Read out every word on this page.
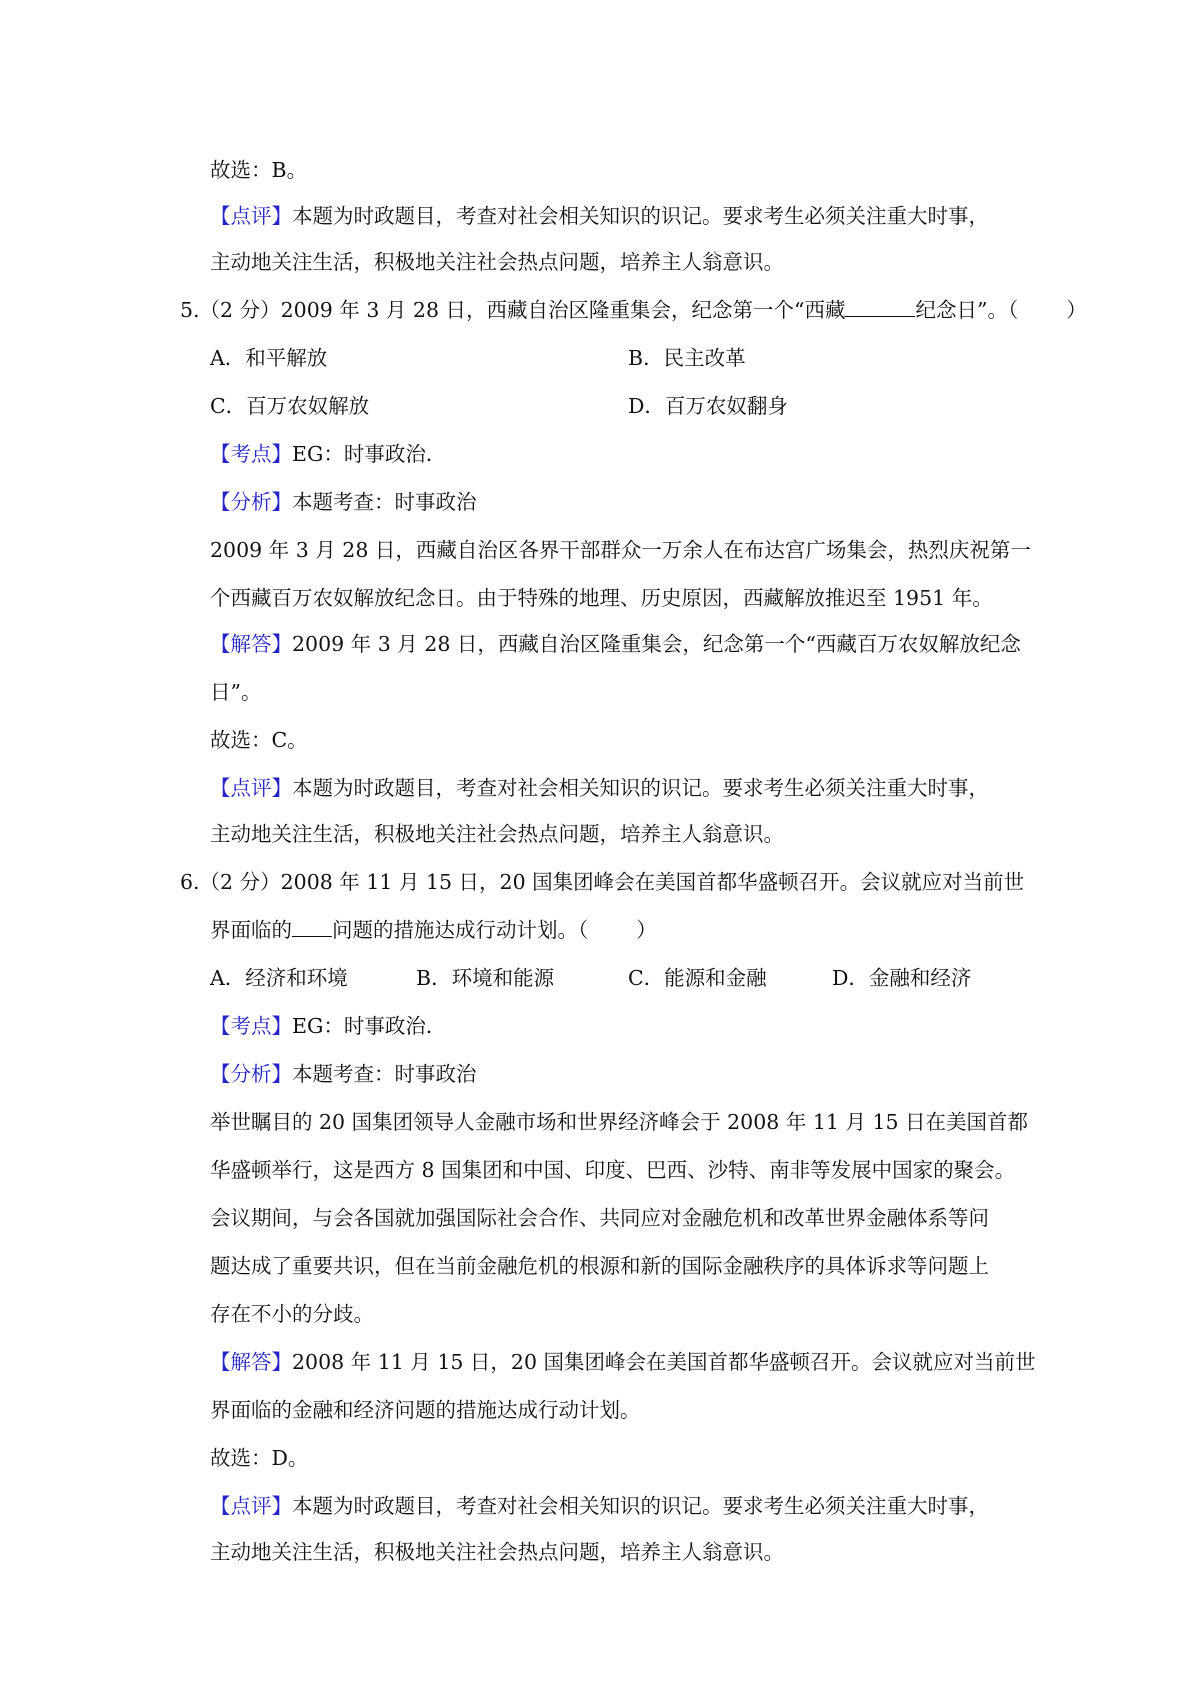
故选：B。
【点评】本题为时政题目，考查对社会相关知识的识记。要求考生必须关注重大时事，
主动地关注生活，积极地关注社会热点问题，培养主人翁意识。
5.（2 分）2009 年 3 月 28 日，西藏自治区隆重集会，纪念第一个“西藏	纪念日”。（ ）
A．和平解放	B．民主改革
C．百万农奴解放	D．百万农奴翻身
【考点】EG：时事政治．
【分析】本题考查：时事政治
2009 年 3 月 28 日，西藏自治区各界干部群众一万余人在布达宫广场集会，热烈庆祝第一
个西藏百万农奴解放纪念日。由于特殊的地理、历史原因，西藏解放推迟至 1951 年。
【解答】2009 年 3 月 28 日，西藏自治区隆重集会，纪念第一个“西藏百万农奴解放纪念
日”。
故选：C。
【点评】本题为时政题目，考查对社会相关知识的识记。要求考生必须关注重大时事，
主动地关注生活，积极地关注社会热点问题，培养主人翁意识。
6.（2 分）2008 年 11 月 15 日，20 国集团峰会在美国首都华盛顿召开。会议就应对当前世
界面临的 问题的措施达成行动计划。（ ）
A．经济和环境	B．环境和能源	C．能源和金融	D．金融和经济
【考点】EG：时事政治．
【分析】本题考查：时事政治
举世瞩目的 20 国集团领导人金融市场和世界经济峰会于 2008 年 11 月 15 日在美国首都
华盛顿举行，这是西方 8 国集团和中国、印度、巴西、沙特、南非等发展中国家的聚会。
会议期间，与会各国就加强国际社会合作、共同应对金融危机和改革世界金融体系等问
题达成了重要共识，但在当前金融危机的根源和新的国际金融秩序的具体诉求等问题上
存在不小的分歧。
【解答】2008 年 11 月 15 日，20 国集团峰会在美国首都华盛顿召开。会议就应对当前世
界面临的金融和经济问题的措施达成行动计划。
故选：D。
【点评】本题为时政题目，考查对社会相关知识的识记。要求考生必须关注重大时事，
主动地关注生活，积极地关注社会热点问题，培养主人翁意识。
